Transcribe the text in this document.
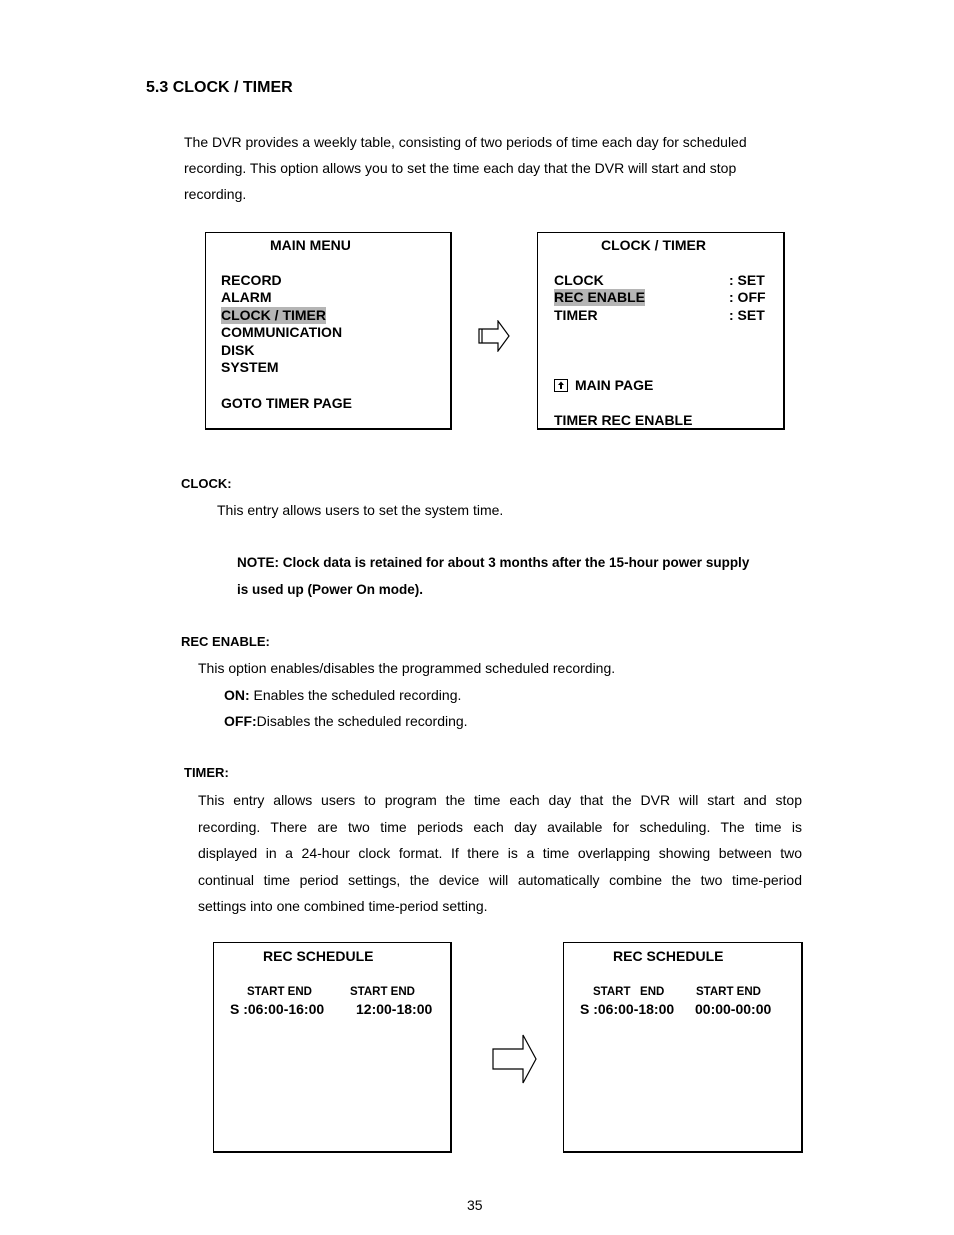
5.3 CLOCK / TIMER
The DVR provides a weekly table, consisting of two periods of time each day for scheduled
recording. This option allows you to set the time each day that the DVR will start and stop
recording.
MAIN MENU
RECORD
ALARM
CLOCK / TIMER
COMMUNICATION
DISK
SYSTEM
GOTO TIMER PAGE
CLOCK / TIMER
CLOCK	: SET
REC ENABLE	: OFF
TIMER	: SET
MAIN PAGE
TIMER REC ENABLE
CLOCK:
This entry allows users to set the system time.
NOTE: Clock data is retained for about 3 months after the 15-hour power supply
is used up (Power On mode).
REC ENABLE:
This option enables/disables the programmed scheduled recording.
ON: Enables the scheduled recording.
OFF:Disables the scheduled recording.
TIMER:
This entry allows users to program the time each day that the DVR will start and stop
recording. There are two time periods each day available for scheduling. The time is
displayed in a 24-hour clock format. If there is a time overlapping showing between two
continual time period settings, the device will automatically combine the two time-period
settings into one combined time-period setting.
REC SCHEDULE
START END	START END
S :06:00-16:00 12:00-18:00
REC SCHEDULE
START   END	START END
S :06:00-18:00 00:00-00:00
35
